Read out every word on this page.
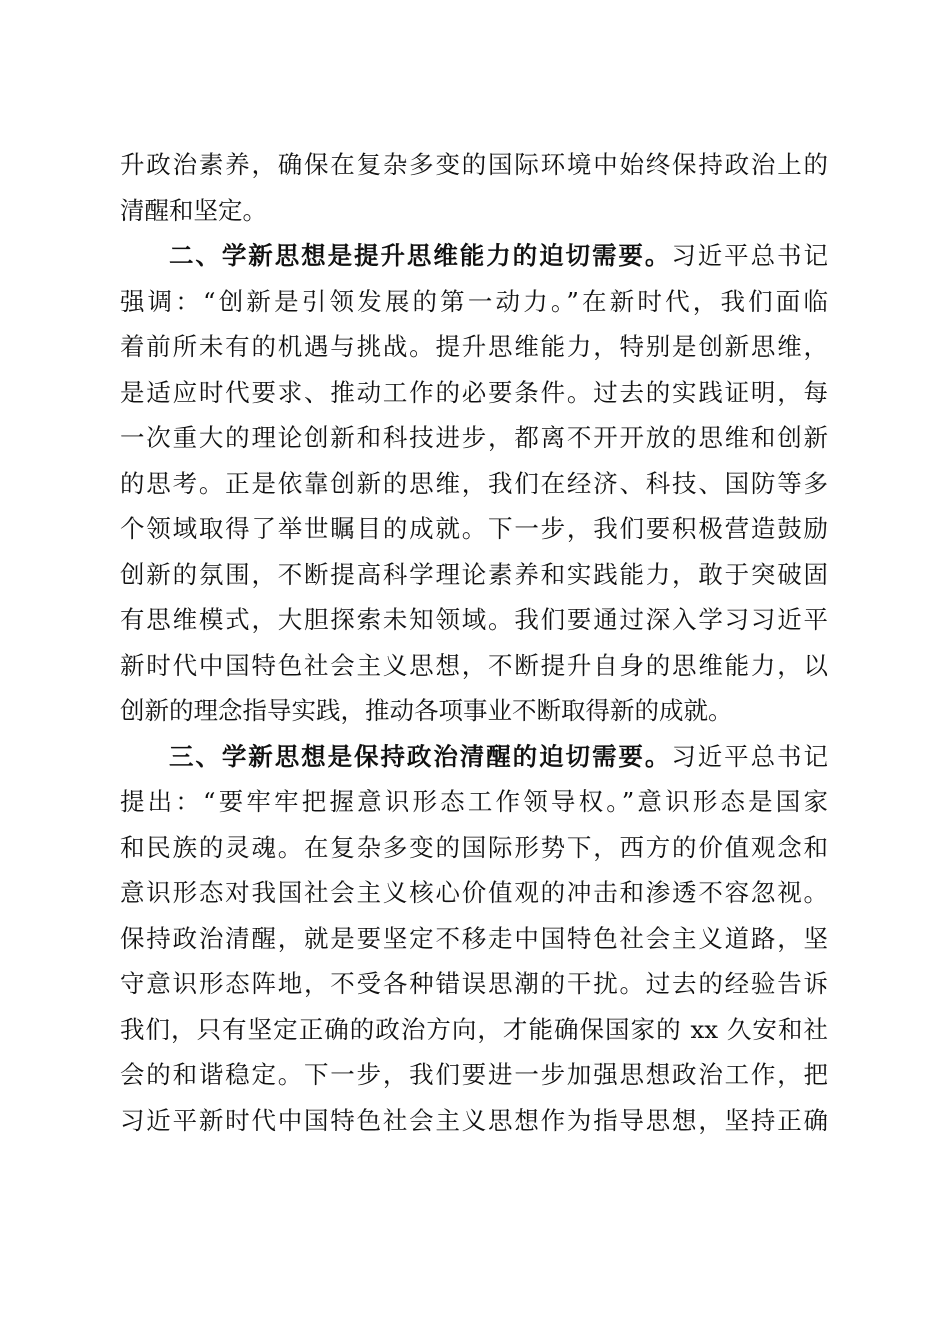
升政治素养，确保在复杂多变的国际环境中始终保持政治上的
清醒和坚定。
二、学新思想是提升思维能力的迫切需要。习近平总书记
强调：“创新是引领发展的第一动力。”在新时代，我们面临
着前所未有的机遇与挑战。提升思维能力，特别是创新思维，
是适应时代要求、推动工作的必要条件。过去的实践证明，每
一次重大的理论创新和科技进步，都离不开开放的思维和创新
的思考。正是依靠创新的思维，我们在经济、科技、国防等多
个领域取得了举世瞩目的成就。下一步，我们要积极营造鼓励
创新的氛围，不断提高科学理论素养和实践能力，敢于突破固
有思维模式，大胆探索未知领域。我们要通过深入学习习近平
新时代中国特色社会主义思想，不断提升自身的思维能力，以
创新的理念指导实践，推动各项事业不断取得新的成就。
三、学新思想是保持政治清醒的迫切需要。习近平总书记
提出：“要牢牢把握意识形态工作领导权。”意识形态是国家
和民族的灵魂。在复杂多变的国际形势下，西方的价值观念和
意识形态对我国社会主义核心价值观的冲击和渗透不容忽视。
保持政治清醒，就是要坚定不移走中国特色社会主义道路，坚
守意识形态阵地，不受各种错误思潮的干扰。过去的经验告诉
我们，只有坚定正确的政治方向，才能确保国家的 xx 久安和社
会的和谐稳定。下一步，我们要进一步加强思想政治工作，把
习近平新时代中国特色社会主义思想作为指导思想，坚持正确
